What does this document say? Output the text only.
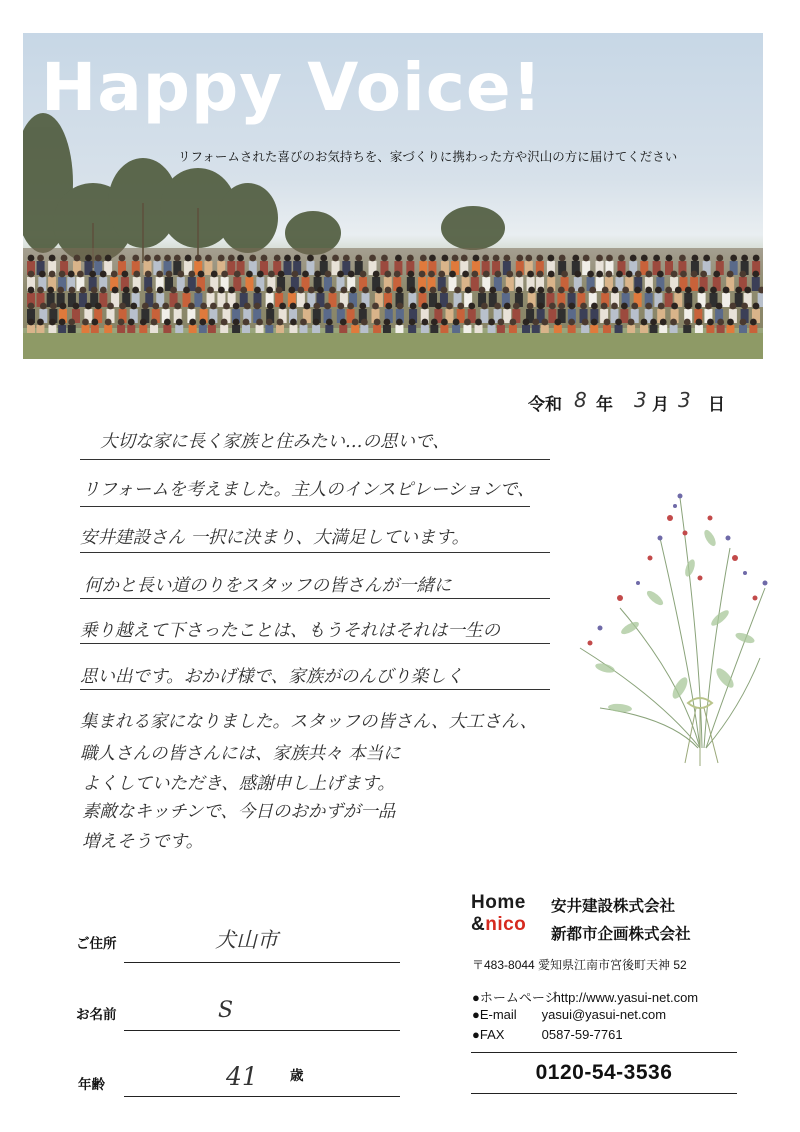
Happy Voice!
リフォームされた喜びのお気持ちを、家づくりに携わった方や沢山の方に届けてください
令和 8 年 3 月 3 日
大切な家に長く家族と住みたい…の思いで、
リフォームを考えました。主人のインスピレーションで、
安井建設さん 一択に決まり、大満足しています。
何かと長い道のりをスタッフの皆さんが一緒に
乗り越えて下さったことは、もうそれはそれは一生の
思い出です。おかげ様で、家族がのんびり楽しく
集まれる家になりました。スタッフの皆さん、大工さん、
職人さんの皆さんには、家族共々 本当に
よくしていただき、感謝申し上げます。
素敵なキッチンで、今日のおかずが一品
増えそうです。
ご住所	犬山市
お名前	S
年齢	41 歳
Home
&nico
安井建設株式会社
新都市企画株式会社
〒483-8044 愛知県江南市宮後町天神 52
●ホームページ http://www.yasui-net.com
●E-mail yasui@yasui-net.com
●FAX	0587-59-7761
0120-54-3536
